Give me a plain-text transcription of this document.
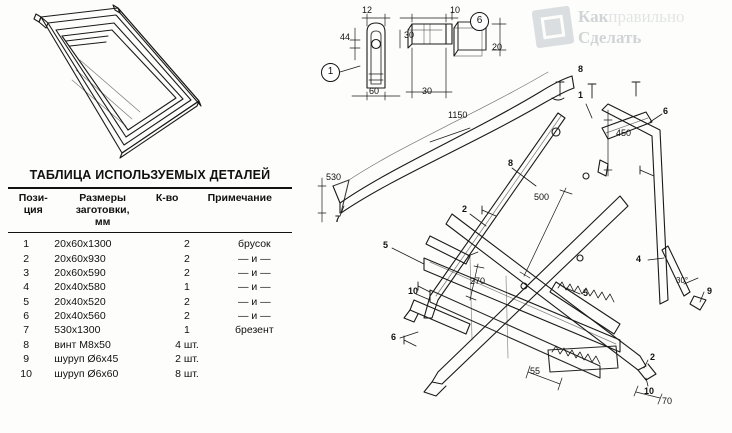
1
6
8
1
6
8
2
5
10
6
4
9
2
10
7
5
12
44
10
30
20
60	30
1150
530
450
500
270
55
70
30°
ТАБЛИЦА ИСПОЛЬЗУЕМЫХ ДЕТАЛЕЙ
Пози-
ция

Размеры
заготовки,
мм
	К-во	Примечание
1	20х60х1300	2	брусок
2	20х60х930	2	— и —
3	20х60х590	2	— и —
4	20х40х580	1	— и —
5	20х40х520	2	— и —
6	20х40х560	2	— и —
7	530х1300	1	брезент
8	винт М8х50	4 шт.	
9	шуруп Ø6х45	2 шт.	
10	шуруп Ø6х60	8 шт.	
Какправильно
Сделать
